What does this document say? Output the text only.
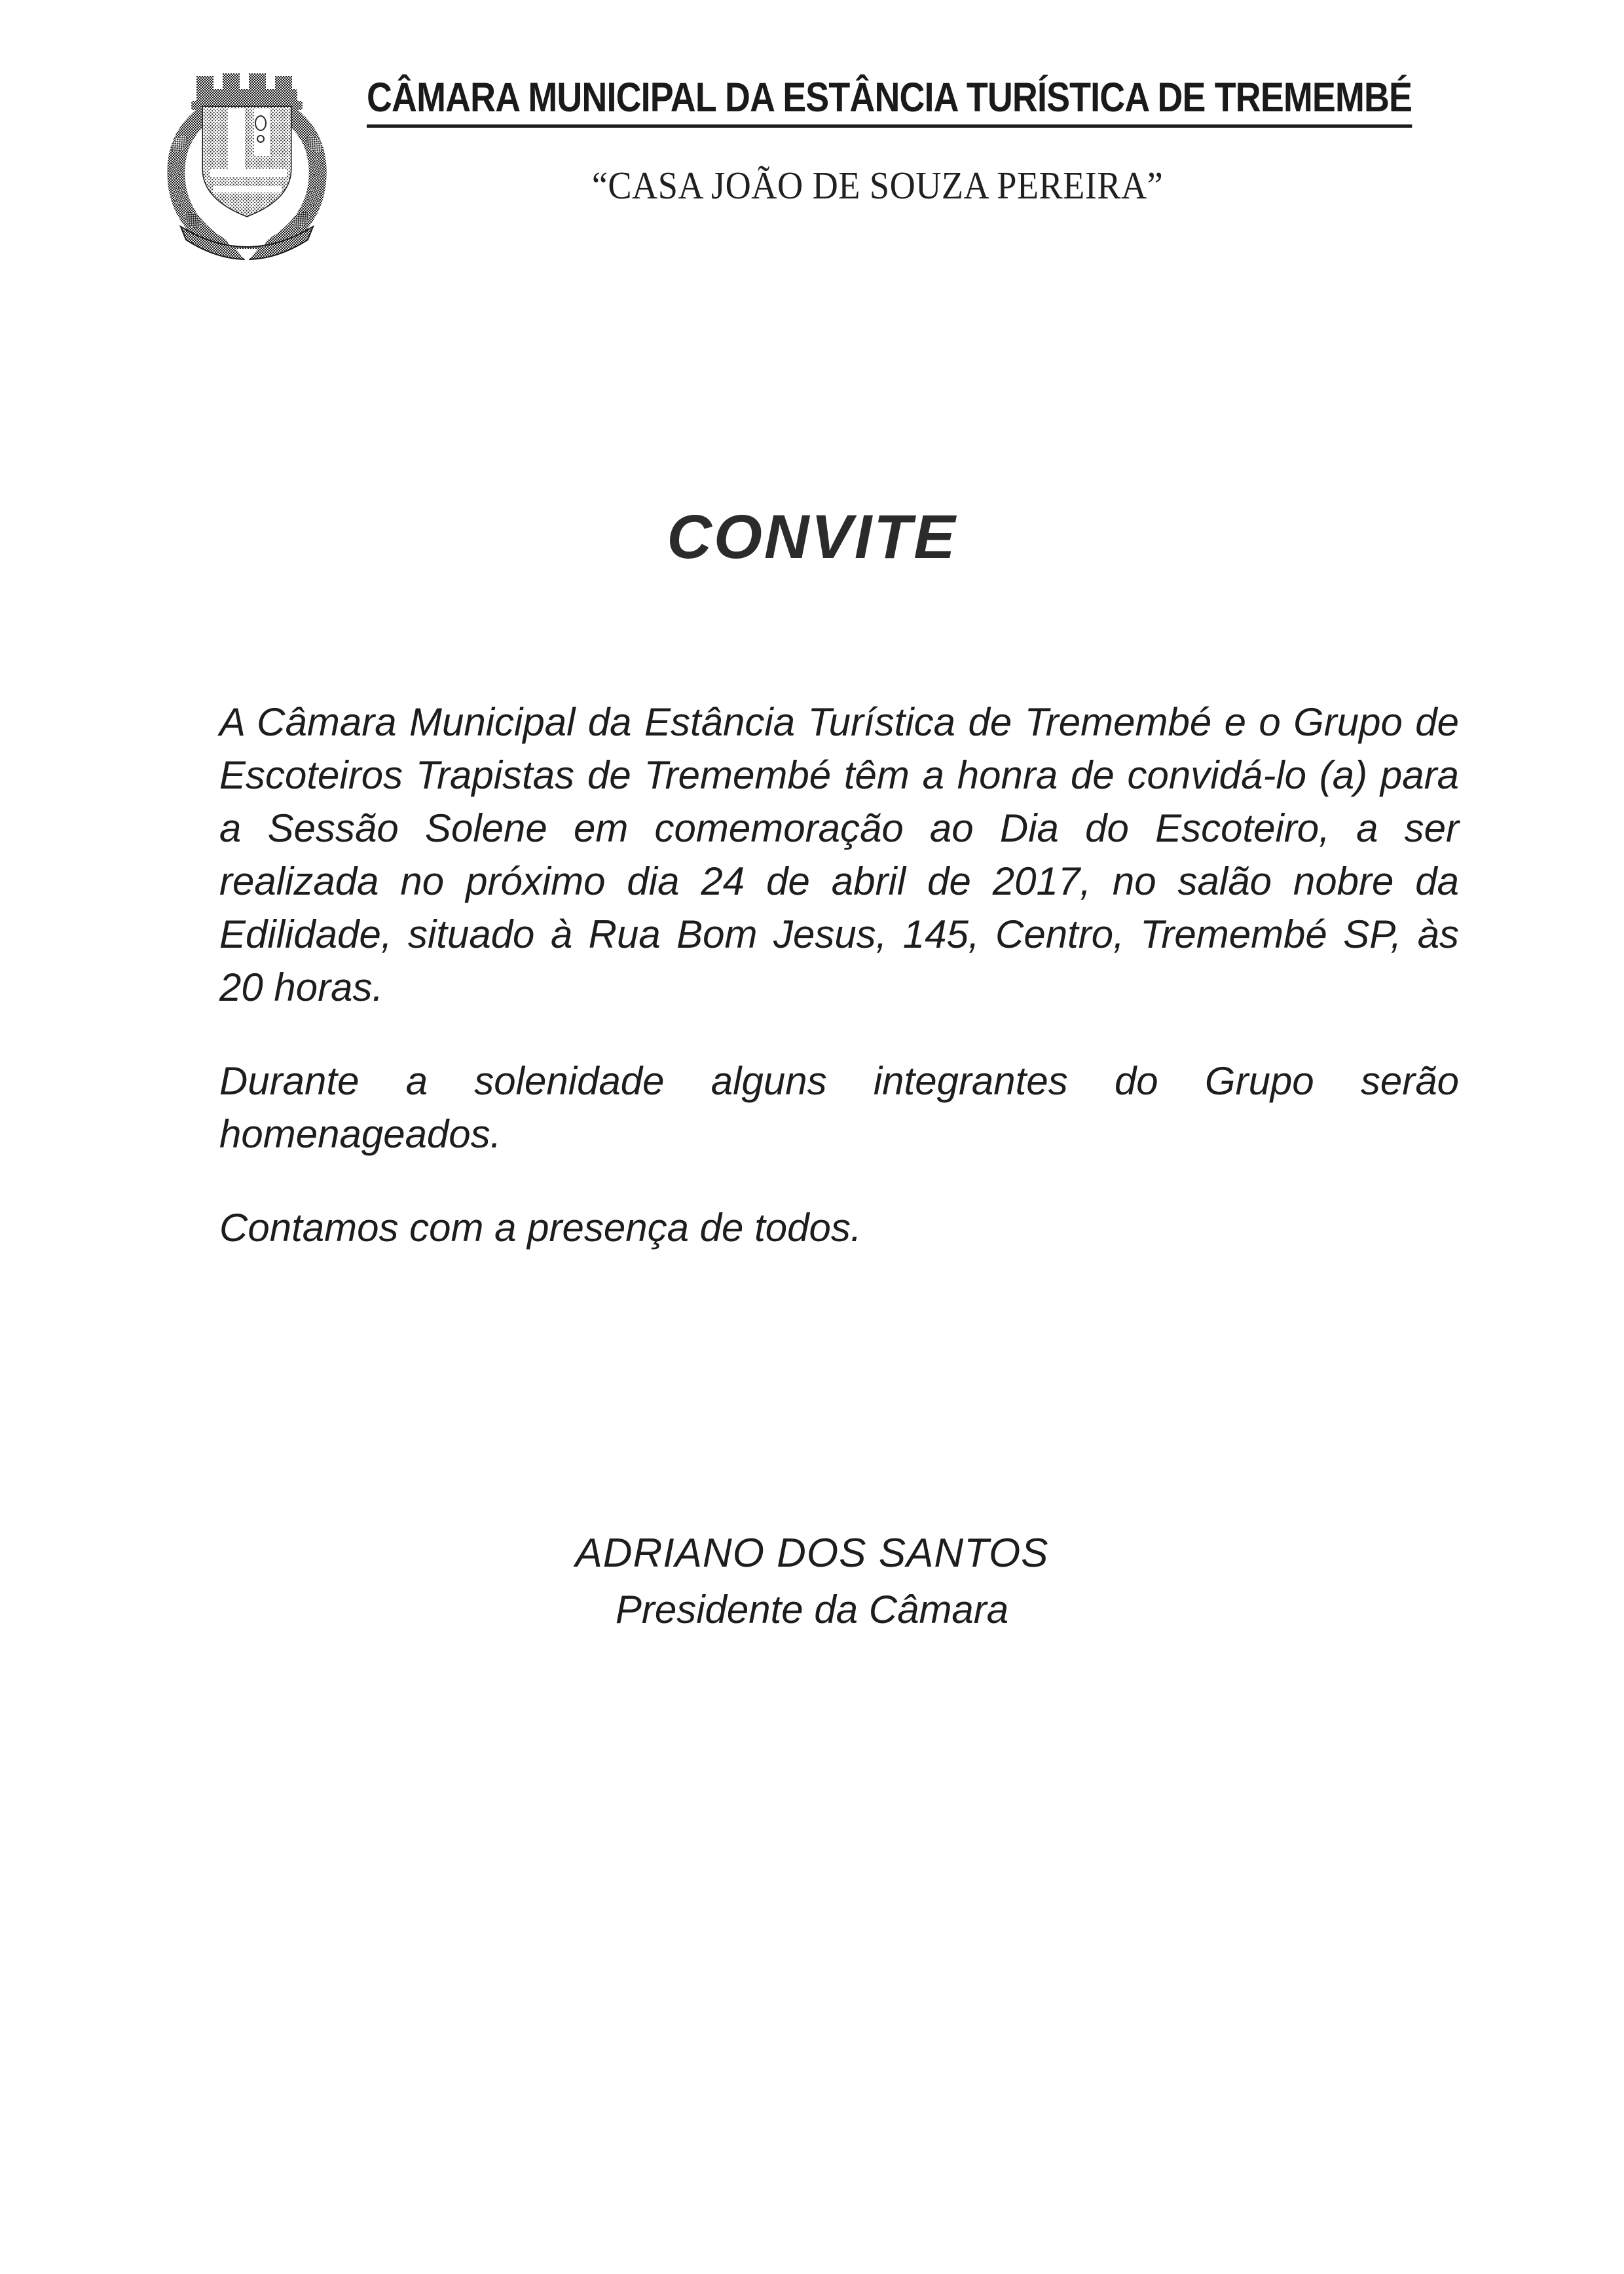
CÂMARA MUNICIPAL DA ESTÂNCIA TURÍSTICA DE TREMEMBÉ
“CASA JOÃO DE SOUZA PEREIRA”
CONVITE

A Câmara Municipal da Estância Turística de Tremembé e o Grupo de Escoteiros Trapistas de Tremembé têm a honra de convidá-lo (a) para a Sessão Solene em comemoração ao Dia do Escoteiro, a ser realizada no próximo dia 24 de abril de 2017, no salão nobre da Edilidade, situado à Rua Bom Jesus, 145, Centro, Tremembé SP, às 20 horas.

Durante a solenidade alguns integrantes do Grupo serão homenageados.

Contamos com a presença de todos.

ADRIANO DOS SANTOS
Presidente da Câmara
